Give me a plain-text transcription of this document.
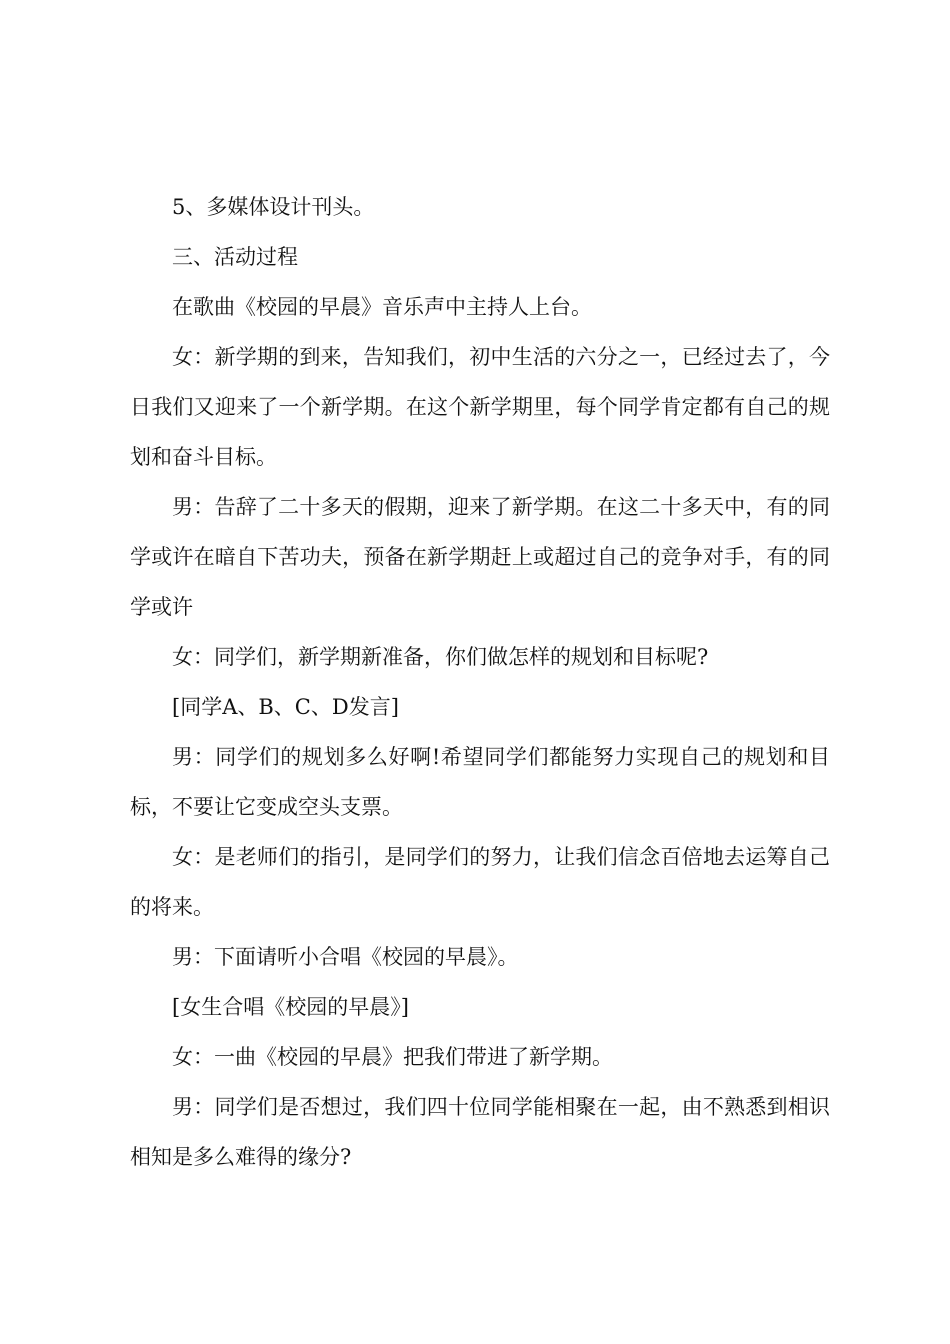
5、多媒体设计刊头。

三、活动过程

在歌曲《校园的早晨》音乐声中主持人上台。

女：新学期的到来，告知我们，初中生活的六分之一，已经过去了，今日我们又迎来了一个新学期。在这个新学期里，每个同学肯定都有自己的规划和奋斗目标。

男：告辞了二十多天的假期，迎来了新学期。在这二十多天中，有的同学或许在暗自下苦功夫，预备在新学期赶上或超过自己的竞争对手，有的同学或许

女：同学们，新学期新准备，你们做怎样的规划和目标呢?

[同学A、B、C、D发言]

男：同学们的规划多么好啊!希望同学们都能努力实现自己的规划和目标，不要让它变成空头支票。

女：是老师们的指引，是同学们的努力，让我们信念百倍地去运筹自己的将来。

男：下面请听小合唱《校园的早晨》。

[女生合唱《校园的早晨》]

女：一曲《校园的早晨》把我们带进了新学期。

男：同学们是否想过，我们四十位同学能相聚在一起，由不熟悉到相识相知是多么难得的缘分?
